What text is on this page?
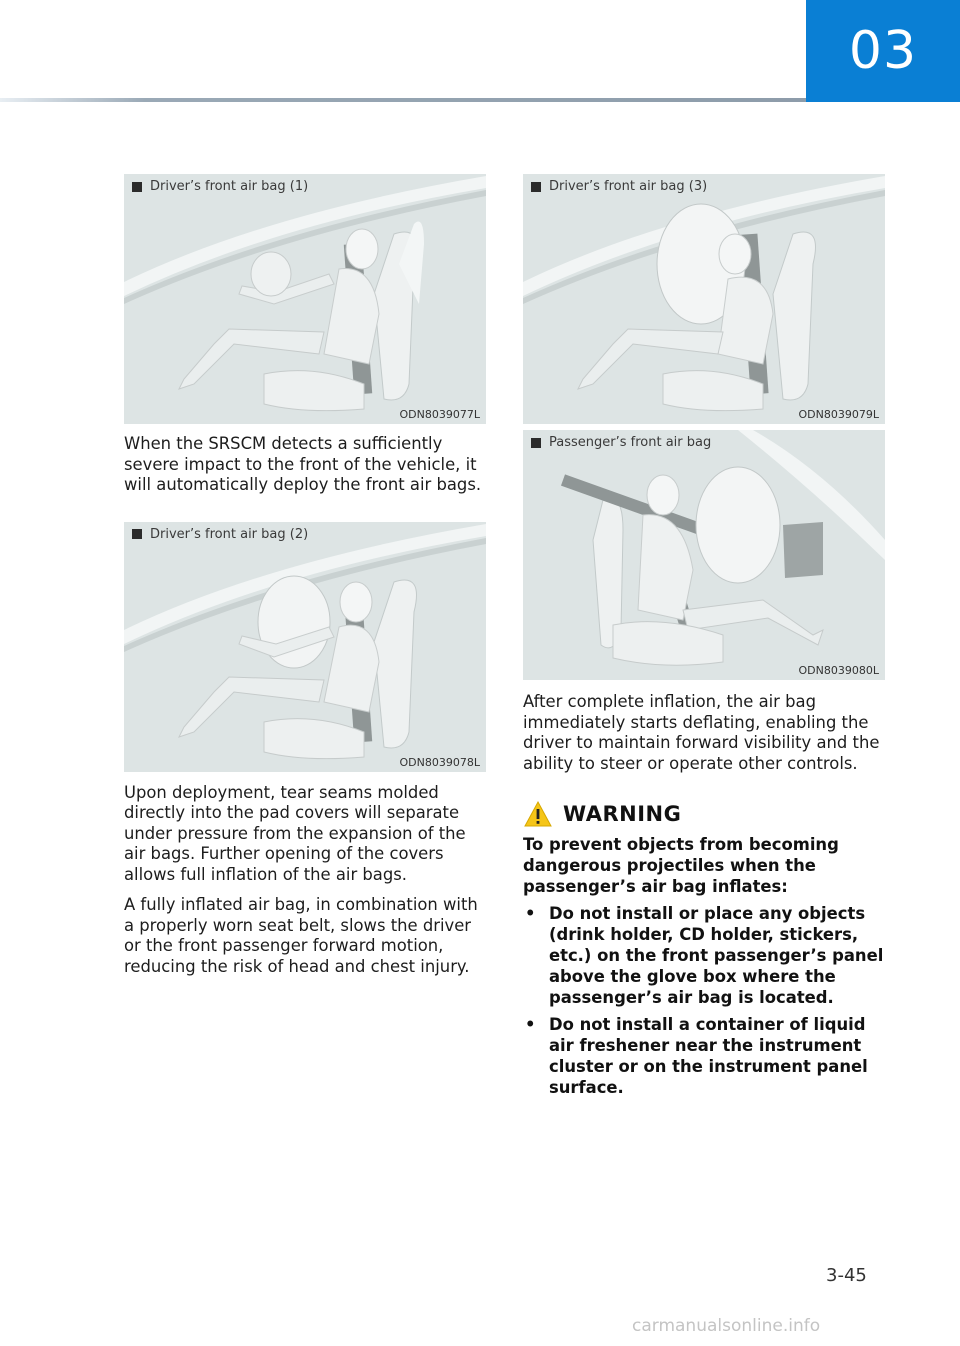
03
Driver’s front air bag (1)
ODN8039077L

When the SRSCM detects a sufficiently severe impact to the front of the vehicle, it will automatically deploy the front air bags.

Driver’s front air bag (2)
ODN8039078L

Upon deployment, tear seams molded directly into the pad covers will separate under pressure from the expansion of the air bags. Further opening of the covers allows full inflation of the air bags.

A fully inflated air bag, in combination with a properly worn seat belt, slows the driver or the front passenger forward motion, reducing the risk of head and chest injury.

Driver’s front air bag (3)
ODN8039079L
Passenger’s front air bag
ODN8039080L

After complete inflation, the air bag immediately starts deflating, enabling the driver to maintain forward visibility and the ability to steer or operate other controls.

WARNING

To prevent objects from becoming dangerous projectiles when the passenger’s air bag inflates:

• Do not install or place any objects (drink holder, CD holder, stickers, etc.) on the front passenger’s panel above the glove box where the passenger’s air bag is located.
• Do not install a container of liquid air freshener near the instrument cluster or on the instrument panel surface.
3-45
carmanualsonline.info
